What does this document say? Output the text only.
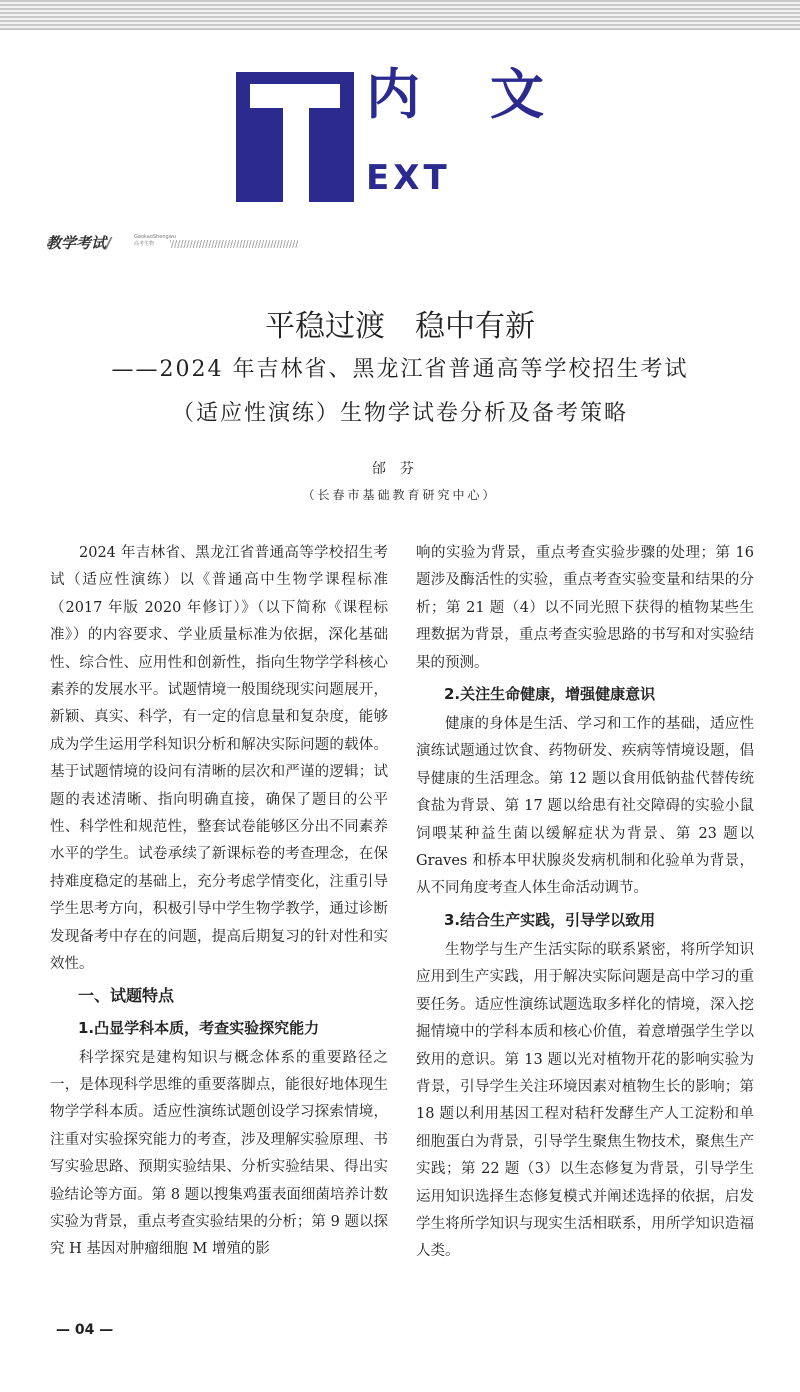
内文
EXT
教学考试/	GaokaoShengwu 高考生物
平稳过渡　稳中有新
——2024 年吉林省、黑龙江省普通高等学校招生考试
（适应性演练）生物学试卷分析及备考策略
邰芬
（长春市基础教育研究中心）

2024 年吉林省、黑龙江省普通高等学校招生考试（适应性演练）以《普通高中生物学课程标准（2017 年版 2020 年修订）》（以下简称《课程标准》）的内容要求、学业质量标准为依据，深化基础性、综合性、应用性和创新性，指向生物学学科核心素养的发展水平。试题情境一般围绕现实问题展开，新颖、真实、科学，有一定的信息量和复杂度，能够成为学生运用学科知识分析和解决实际问题的载体。基于试题情境的设问有清晰的层次和严谨的逻辑；试题的表述清晰、指向明确直接，确保了题目的公平性、科学性和规范性，整套试卷能够区分出不同素养水平的学生。试卷承续了新课标卷的考查理念，在保持难度稳定的基础上，充分考虑学情变化，注重引导学生思考方向，积极引导中学生物学教学，通过诊断发现备考中存在的问题，提高后期复习的针对性和实效性。

一、试题特点
1.凸显学科本质，考查实验探究能力

科学探究是建构知识与概念体系的重要路径之一，是体现科学思维的重要落脚点，能很好地体现生物学学科本质。适应性演练试题创设学习探索情境，注重对实验探究能力的考查，涉及理解实验原理、书写实验思路、预期实验结果、分析实验结果、得出实验结论等方面。第 8 题以搜集鸡蛋表面细菌培养计数实验为背景，重点考查实验结果的分析；第 9 题以探究 H 基因对肿瘤细胞 M 增殖的影

响的实验为背景，重点考查实验步骤的处理；第 16 题涉及酶活性的实验，重点考查实验变量和结果的分析；第 21 题（4）以不同光照下获得的植物某些生理数据为背景，重点考查实验思路的书写和对实验结果的预测。

2.关注生命健康，增强健康意识

健康的身体是生活、学习和工作的基础，适应性演练试题通过饮食、药物研发、疾病等情境设题，倡导健康的生活理念。第 12 题以食用低钠盐代替传统食盐为背景、第 17 题以给患有社交障碍的实验小鼠饲喂某种益生菌以缓解症状为背景、第 23 题以 Graves 和桥本甲状腺炎发病机制和化验单为背景，从不同角度考查人体生命活动调节。

3.结合生产实践，引导学以致用

生物学与生产生活实际的联系紧密，将所学知识应用到生产实践，用于解决实际问题是高中学习的重要任务。适应性演练试题选取多样化的情境，深入挖掘情境中的学科本质和核心价值，着意增强学生学以致用的意识。第 13 题以光对植物开花的影响实验为背景，引导学生关注环境因素对植物生长的影响；第 18 题以利用基因工程对秸秆发酵生产人工淀粉和单细胞蛋白为背景，引导学生聚焦生物技术，聚焦生产实践；第 22 题（3）以生态修复为背景，引导学生运用知识选择生态修复模式并阐述选择的依据，启发学生将所学知识与现实生活相联系，用所学知识造福人类。

— 04 —
